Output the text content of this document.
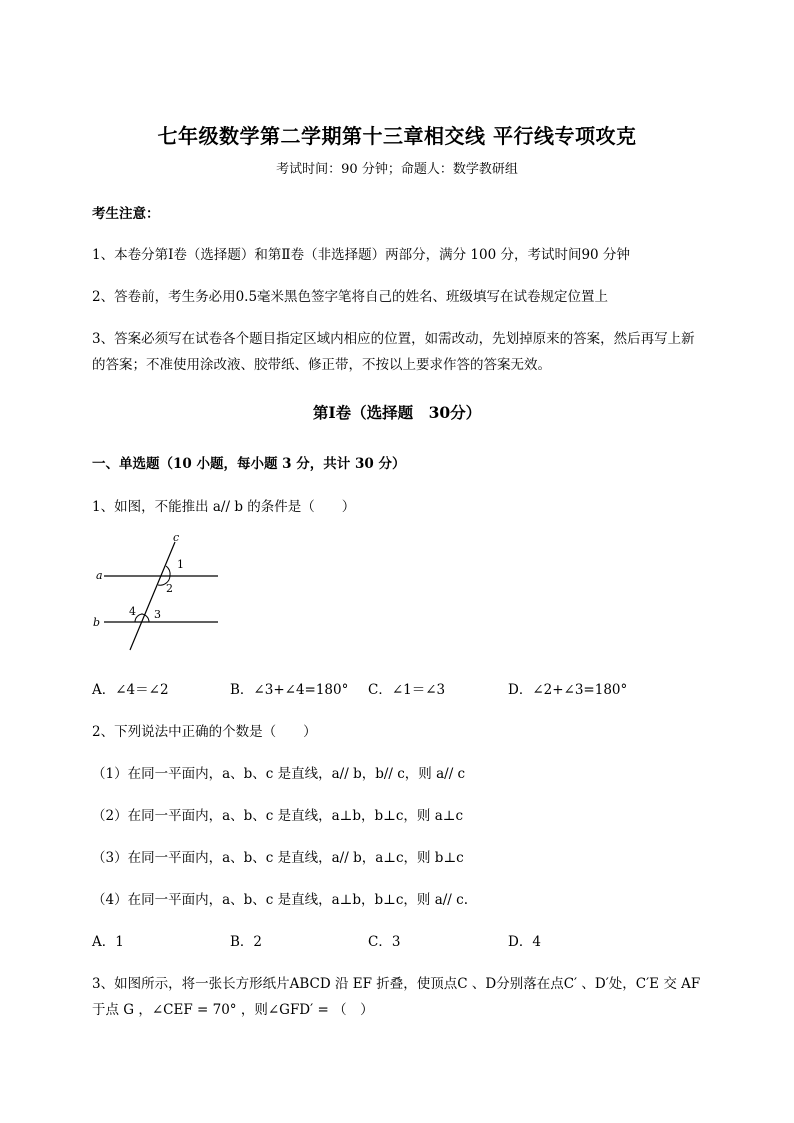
七年级数学第二学期第十三章相交线 平行线专项攻克
考试时间：90 分钟；命题人：数学教研组
考生注意：
1、本卷分第Ⅰ卷（选择题）和第Ⅱ卷（非选择题）两部分，满分 100 分，考试时间90 分钟
2、答卷前，考生务必用0.5毫米黑色签字笔将自己的姓名、班级填写在试卷规定位置上
3、答案必须写在试卷各个题目指定区域内相应的位置，如需改动，先划掉原来的答案，然后再写上新
的答案；不准使用涂改液、胶带纸、修正带，不按以上要求作答的答案无效。
第Ⅰ卷（选择题　30分）
一、单选题（10 小题，每小题 3 分，共计 30 分）
1、如图，不能推出 a// b 的条件是（　　）
a
b
c
1
2
3
4
A．∠4＝∠2	B．∠3+∠4=180° C．∠1＝∠3	D．∠2+∠3=180°
2、下列说法中正确的个数是（　　）
（1）在同一平面内，a、b、c 是直线，a// b，b// c，则 a// c
（2）在同一平面内，a、b、c 是直线，a⊥b，b⊥c，则 a⊥c
（3）在同一平面内，a、b、c 是直线，a// b，a⊥c，则 b⊥c
（4）在同一平面内，a、b、c 是直线，a⊥b，b⊥c，则 a// c.
A．1	B．2	C．3	D．4
3、如图所示，将一张长方形纸片ABCD 沿 EF 折叠，使顶点C 、D分别落在点C′ 、D′处，C′E 交 AF
于点 G ，∠CEF = 70° ，则∠GFD′ = （　）
